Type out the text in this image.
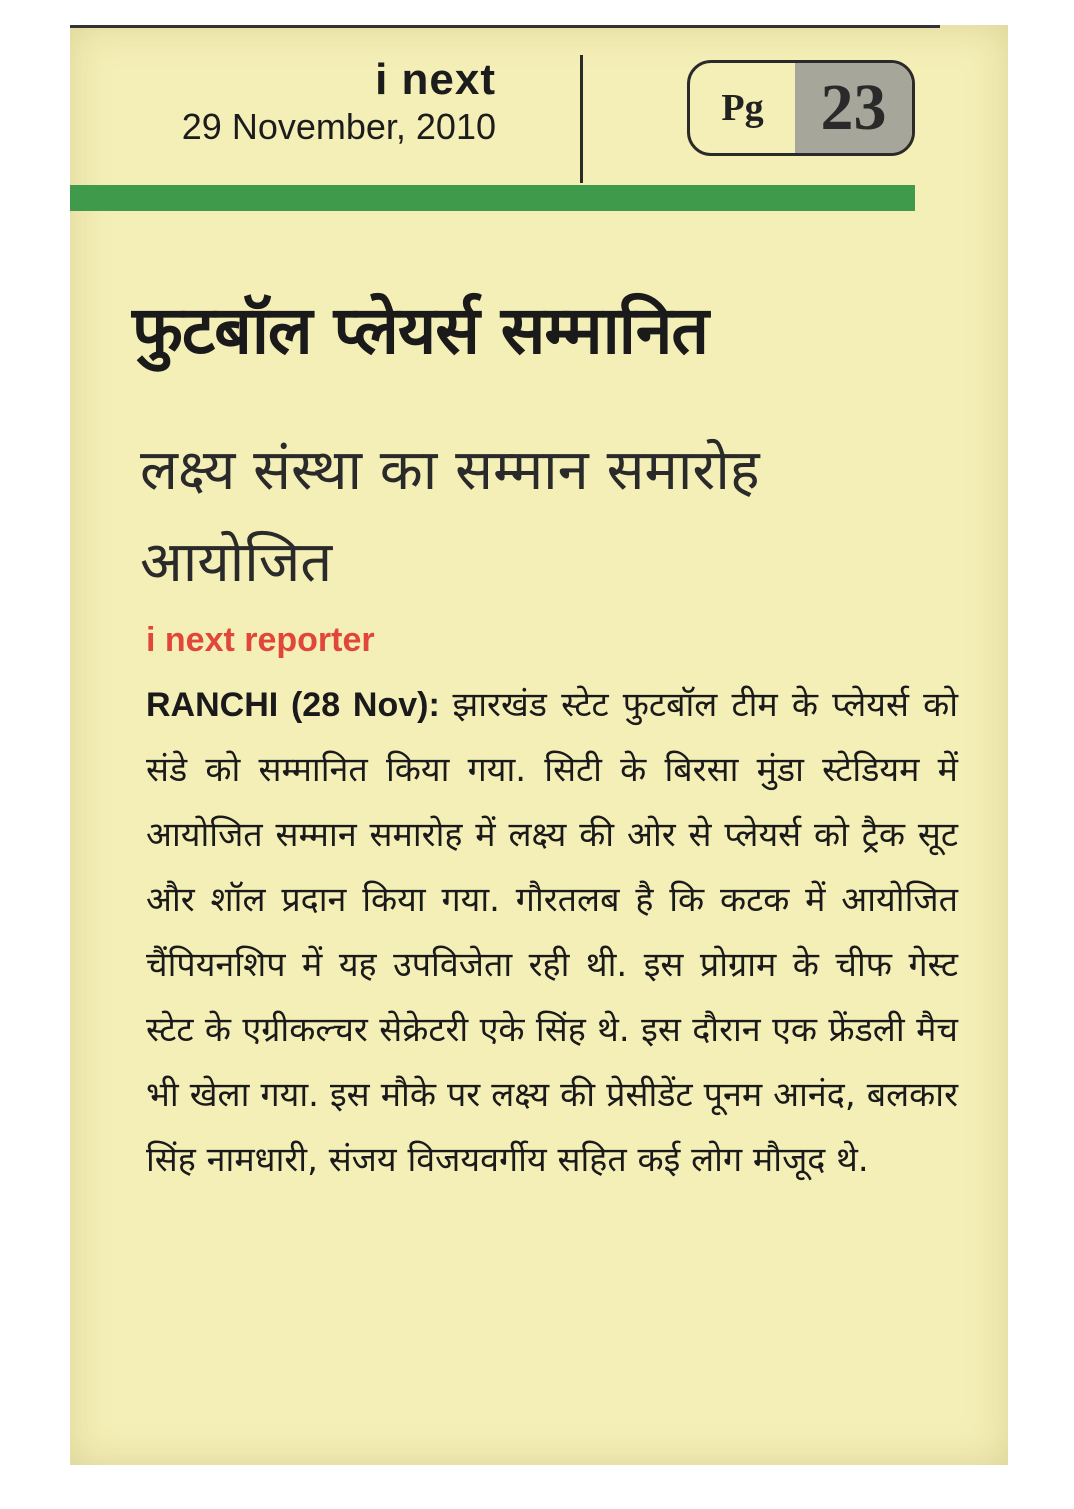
i next
29 November, 2010	Pg 23
फुटबॉल प्लेयर्स सम्मानित
लक्ष्य संस्था का सम्मान समारोह आयोजित
i next reporter
RANCHI (28 Nov): झारखंड स्टेट फुटबॉल टीम के प्लेयर्स को संडे को सम्मानित किया गया. सिटी के बिरसा मुंडा स्टेडियम में आयोजित सम्मान समारोह में लक्ष्य की ओर से प्लेयर्स को ट्रैक सूट और शॉल प्रदान किया गया. गौरतलब है कि कटक में आयोजित चैंपियनशिप में यह उपविजेता रही थी. इस प्रोग्राम के चीफ गेस्ट स्टेट के एग्रीकल्चर सेक्रेटरी एके सिंह थे. इस दौरान एक फ्रेंडली मैच भी खेला गया. इस मौके पर लक्ष्य की प्रेसीडेंट पूनम आनंद, बलकार सिंह नामधारी, संजय विजयवर्गीय सहित कई लोग मौजूद थे.
